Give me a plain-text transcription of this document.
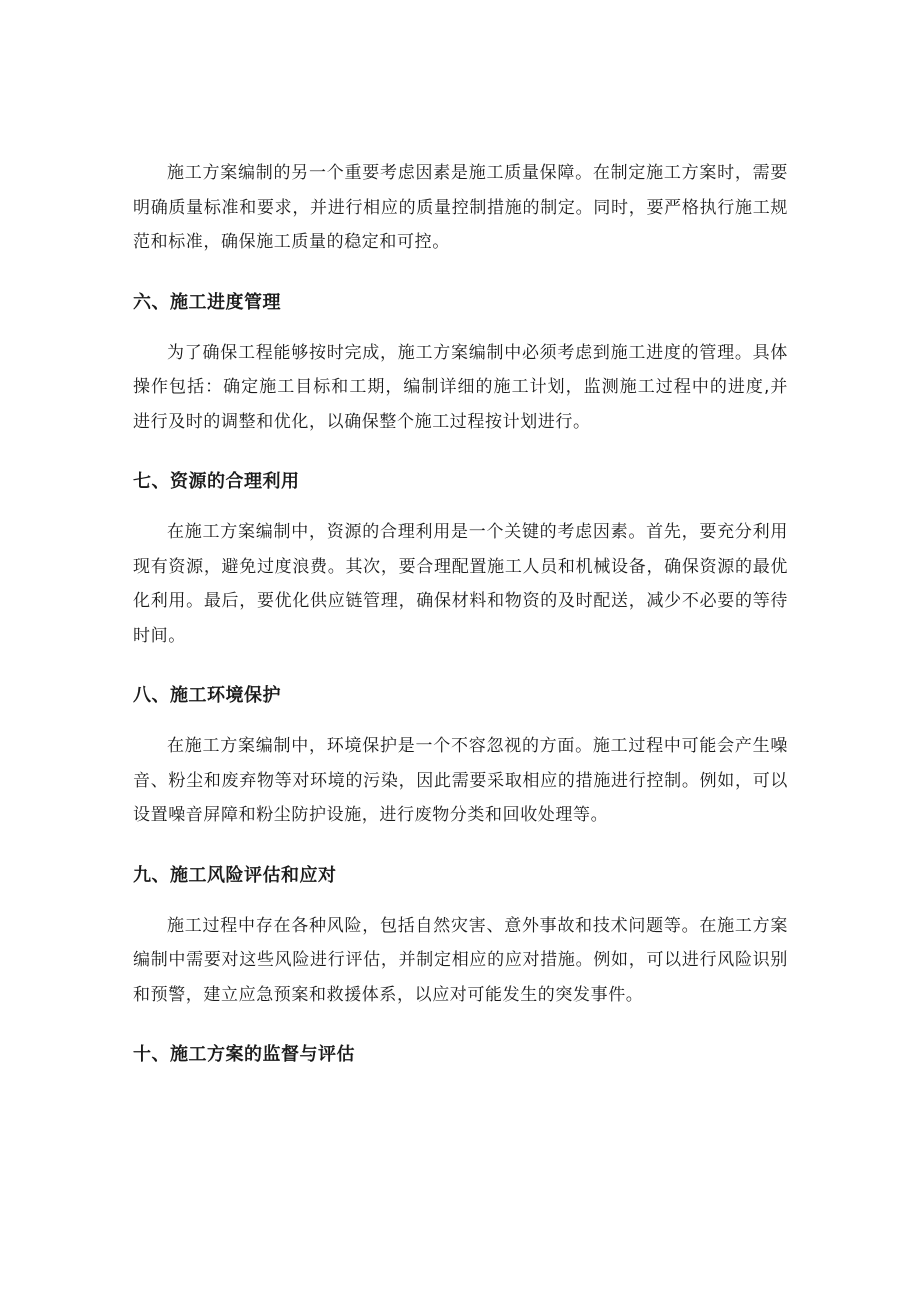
施工方案编制的另一个重要考虑因素是施工质量保障。在制定施工方案时，需要明确质量标准和要求，并进行相应的质量控制措施的制定。同时，要严格执行施工规范和标准，确保施工质量的稳定和可控。

六、施工进度管理

为了确保工程能够按时完成，施工方案编制中必须考虑到施工进度的管理。具体操作包括：确定施工目标和工期，编制详细的施工计划，监测施工过程中的进度,并进行及时的调整和优化，以确保整个施工过程按计划进行。

七、资源的合理利用

在施工方案编制中，资源的合理利用是一个关键的考虑因素。首先，要充分利用现有资源，避免过度浪费。其次，要合理配置施工人员和机械设备，确保资源的最优化利用。最后，要优化供应链管理，确保材料和物资的及时配送，减少不必要的等待时间。

八、施工环境保护

在施工方案编制中，环境保护是一个不容忽视的方面。施工过程中可能会产生噪音、粉尘和废弃物等对环境的污染，因此需要采取相应的措施进行控制。例如，可以设置噪音屏障和粉尘防护设施，进行废物分类和回收处理等。

九、施工风险评估和应对

施工过程中存在各种风险，包括自然灾害、意外事故和技术问题等。在施工方案编制中需要对这些风险进行评估，并制定相应的应对措施。例如，可以进行风险识别和预警，建立应急预案和救援体系，以应对可能发生的突发事件。

十、施工方案的监督与评估
